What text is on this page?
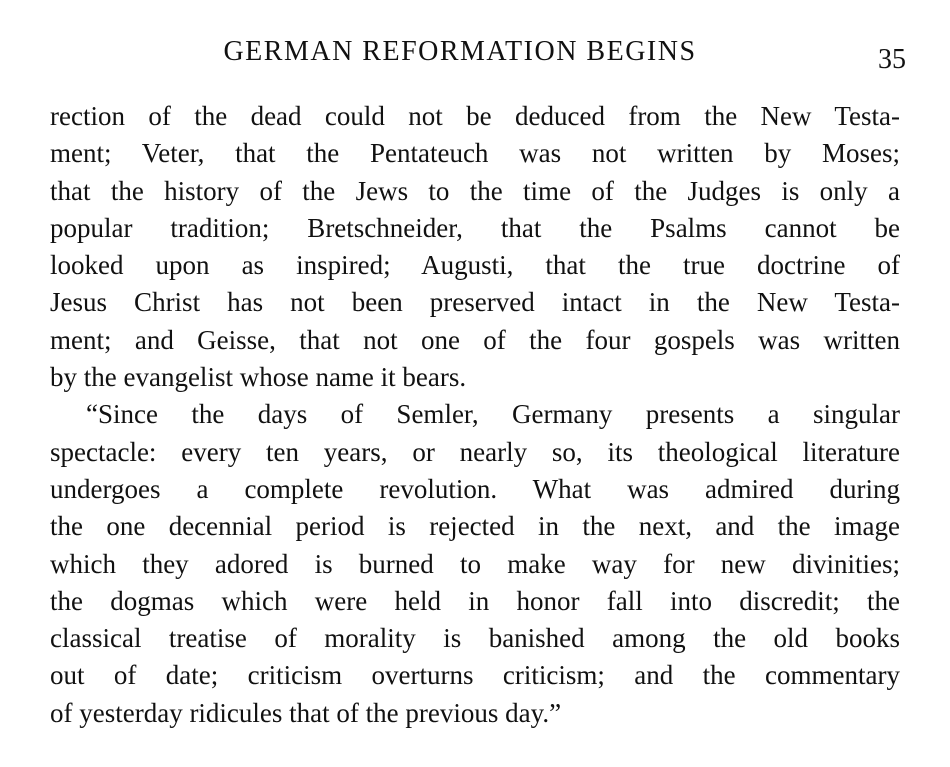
GERMAN REFORMATION BEGINS	35
rection of the dead could not be deduced from the New Testa-
ment; Veter, that the Pentateuch was not written by Moses;
that the history of the Jews to the time of the Judges is only a
popular tradition; Bretschneider, that the Psalms cannot be
looked upon as inspired; Augusti, that the true doctrine of
Jesus Christ has not been preserved intact in the New Testa-
ment; and Geisse, that not one of the four gospels was written
by the evangelist whose name it bears.
“Since the days of Semler, Germany presents a singular
spectacle: every ten years, or nearly so, its theological literature
undergoes a complete revolution. What was admired during
the one decennial period is rejected in the next, and the image
which they adored is burned to make way for new divinities;
the dogmas which were held in honor fall into discredit; the
classical treatise of morality is banished among the old books
out of date; criticism overturns criticism; and the commentary
of yesterday ridicules that of the previous day.”
